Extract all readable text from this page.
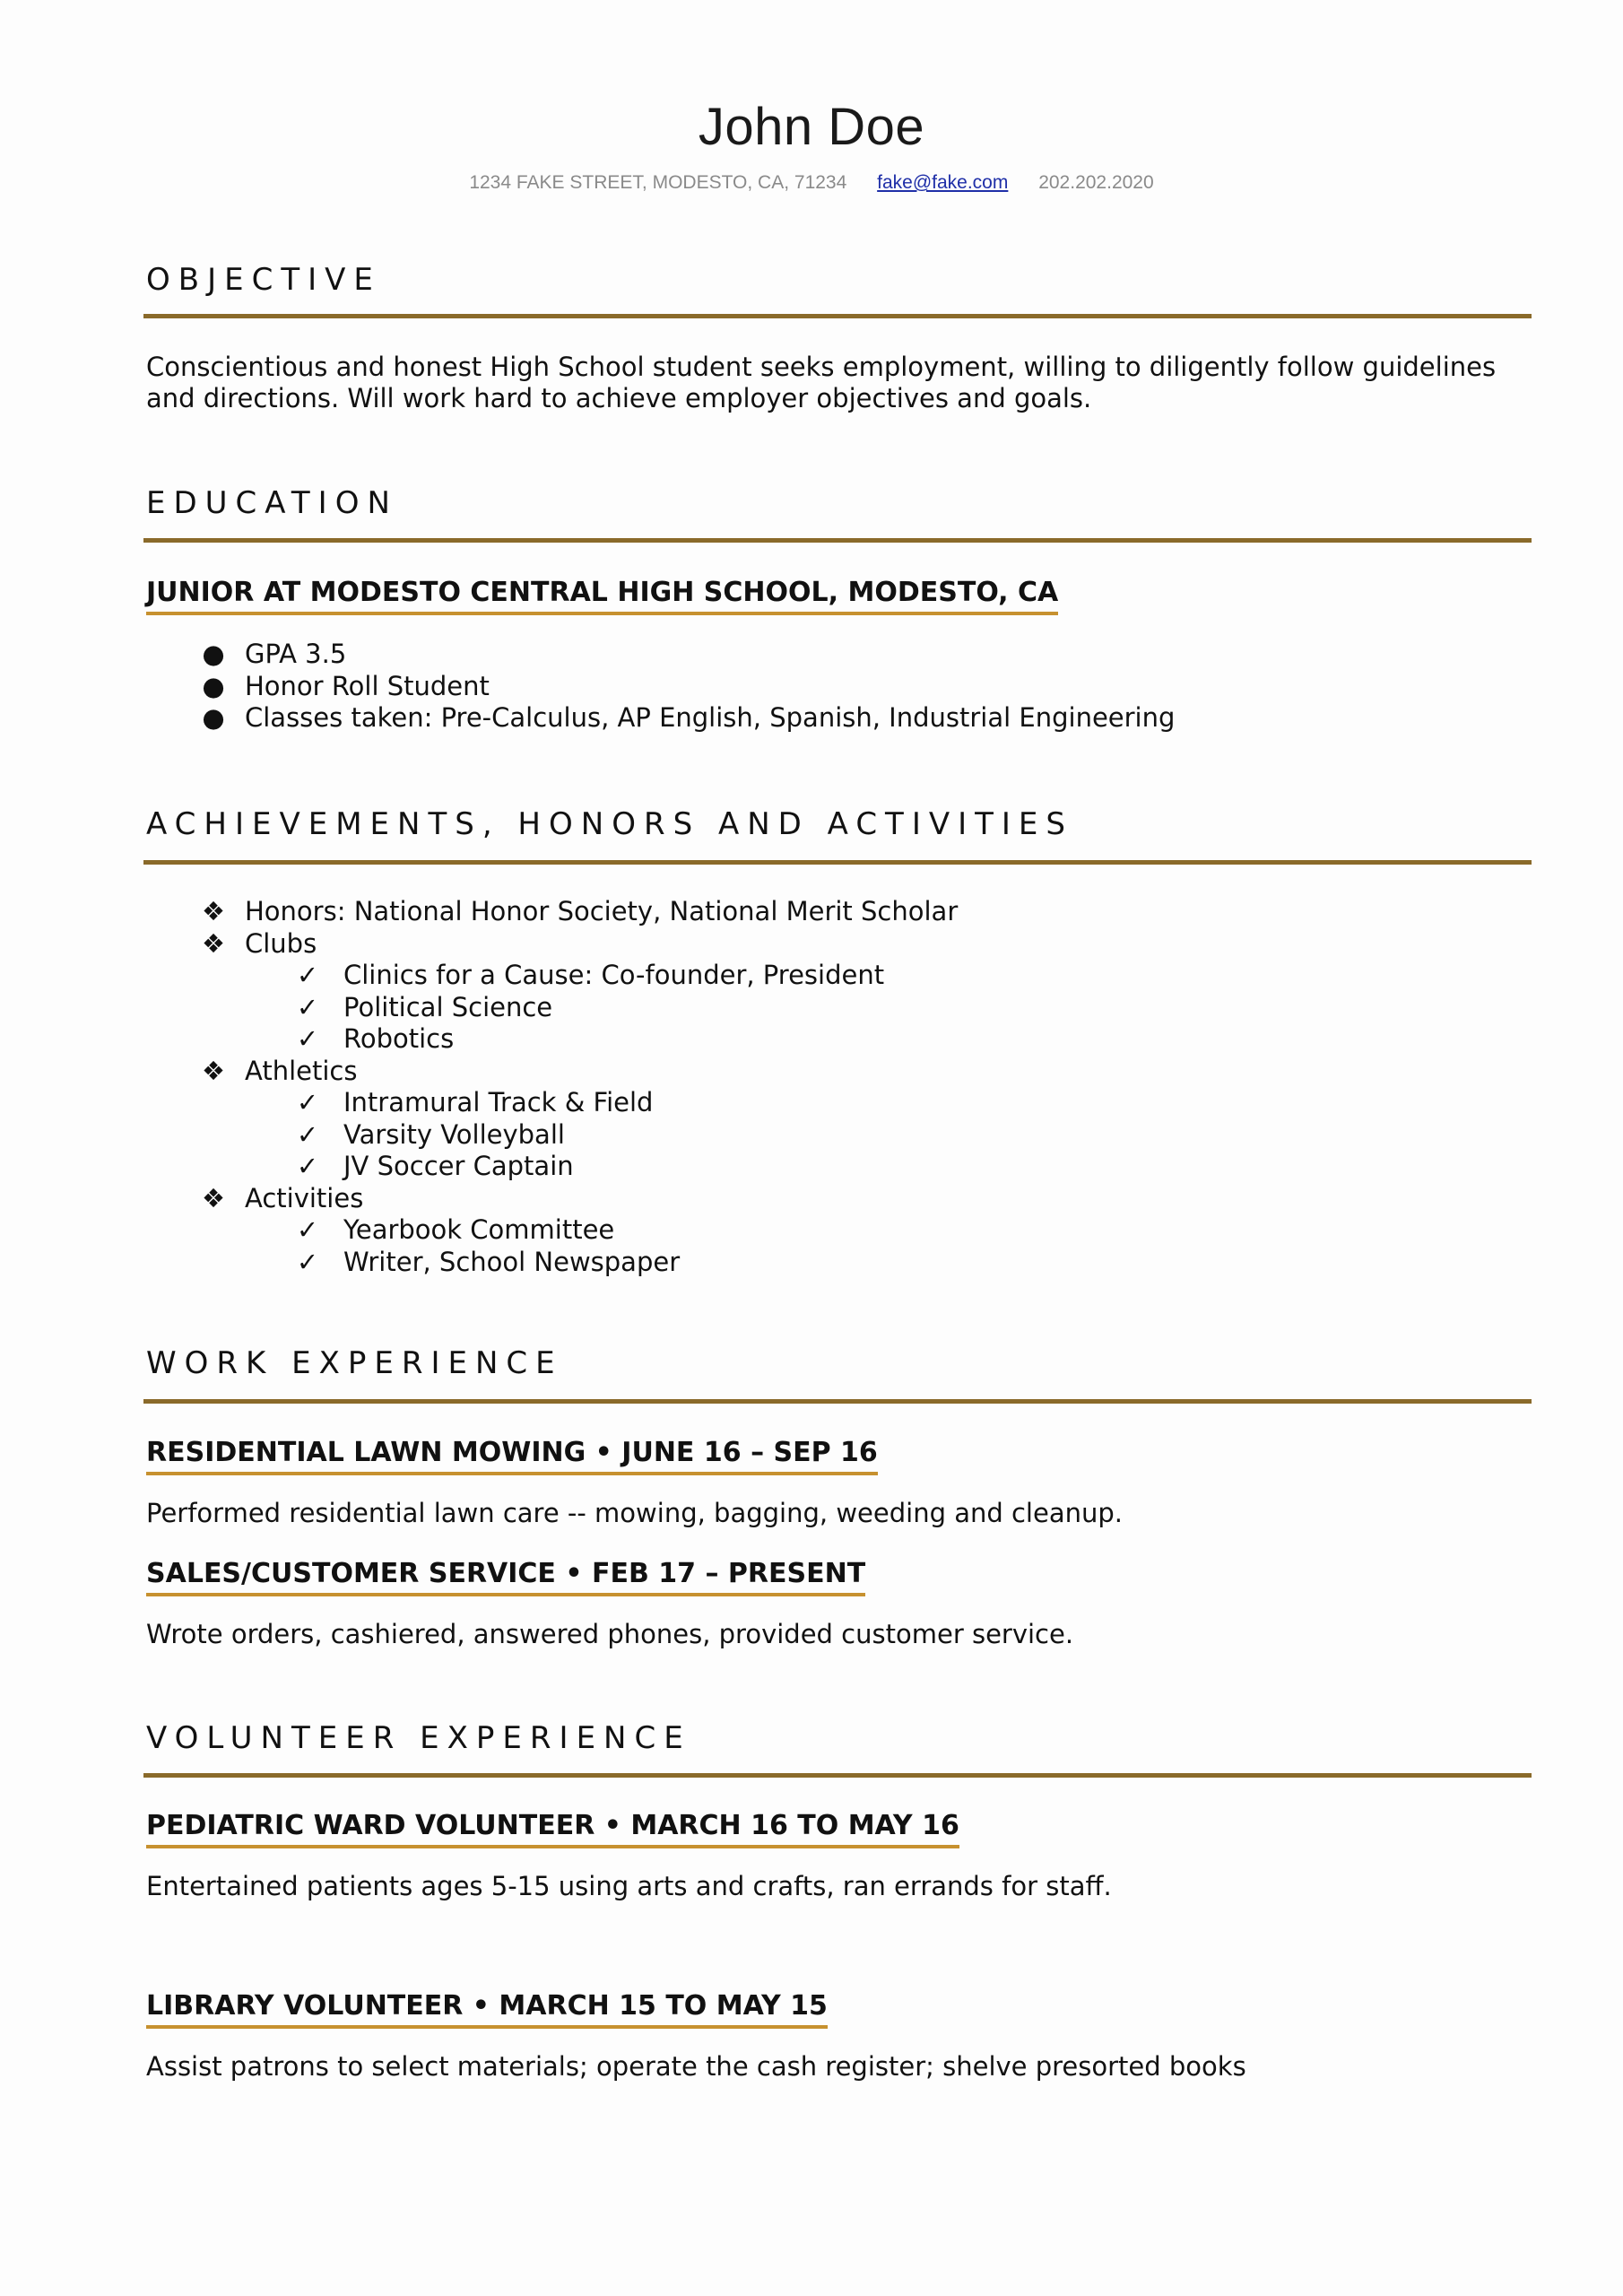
John Doe
1234 FAKE STREET, MODESTO, CA, 71234 fake@fake.com 202.202.2020
OBJECTIVE
Conscientious and honest High School student seeks employment, willing to diligently follow guidelines and directions. Will work hard to achieve employer objectives and goals.
EDUCATION
JUNIOR AT MODESTO CENTRAL HIGH SCHOOL, MODESTO, CA
● GPA 3.5
● Honor Roll Student
● Classes taken: Pre-Calculus, AP English, Spanish, Industrial Engineering
ACHIEVEMENTS, HONORS AND ACTIVITIES
❖ Honors: National Honor Society, National Merit Scholar
❖ Clubs
✓ Clinics for a Cause: Co-founder, President
✓ Political Science
✓ Robotics
❖ Athletics
✓ Intramural Track & Field
✓ Varsity Volleyball
✓ JV Soccer Captain
❖ Activities
✓ Yearbook Committee
✓ Writer, School Newspaper
WORK EXPERIENCE
RESIDENTIAL LAWN MOWING • JUNE 16 – SEP 16
Performed residential lawn care -- mowing, bagging, weeding and cleanup.
SALES/CUSTOMER SERVICE • FEB 17 – PRESENT
Wrote orders, cashiered, answered phones, provided customer service.
VOLUNTEER EXPERIENCE
PEDIATRIC WARD VOLUNTEER • MARCH 16 TO MAY 16
Entertained patients ages 5-15 using arts and crafts, ran errands for staff.
LIBRARY VOLUNTEER • MARCH 15 TO MAY 15
Assist patrons to select materials; operate the cash register; shelve presorted books
